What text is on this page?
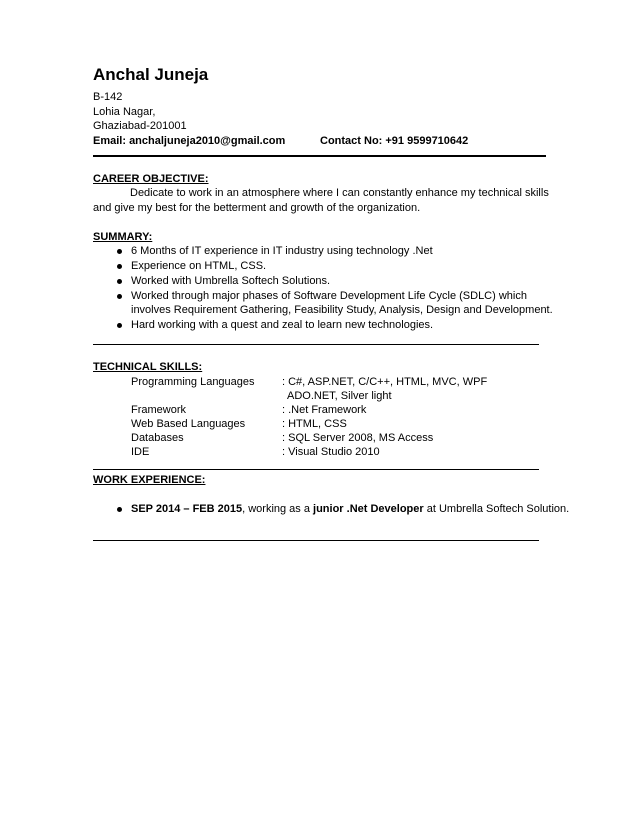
Anchal Juneja
B-142
Lohia Nagar,
Ghaziabad-201001
Email: anchaljuneja2010@gmail.com	Contact No: +91 9599710642
CAREER OBJECTIVE:
Dedicate to work in an atmosphere where I can constantly enhance my technical skills
and give my best for the betterment and growth of the organization.
SUMMARY:
6 Months of IT experience in IT industry using technology .Net
Experience on HTML, CSS.
Worked with Umbrella Softech Solutions.
Worked through major phases of Software Development Life Cycle (SDLC) which
involves Requirement Gathering, Feasibility Study, Analysis, Design and Development.
Hard working with a quest and zeal to learn new technologies.
TECHNICAL SKILLS:
Programming Languages : C#, ASP.NET, C/C++, HTML, MVC, WPF
ADO.NET, Silver light
Framework	: .Net Framework
Web Based Languages	: HTML, CSS
Databases	: SQL Server 2008, MS Access
IDE	: Visual Studio 2010
WORK EXPERIENCE:
SEP 2014 – FEB 2015, working as a junior .Net Developer at Umbrella Softech Solution.
